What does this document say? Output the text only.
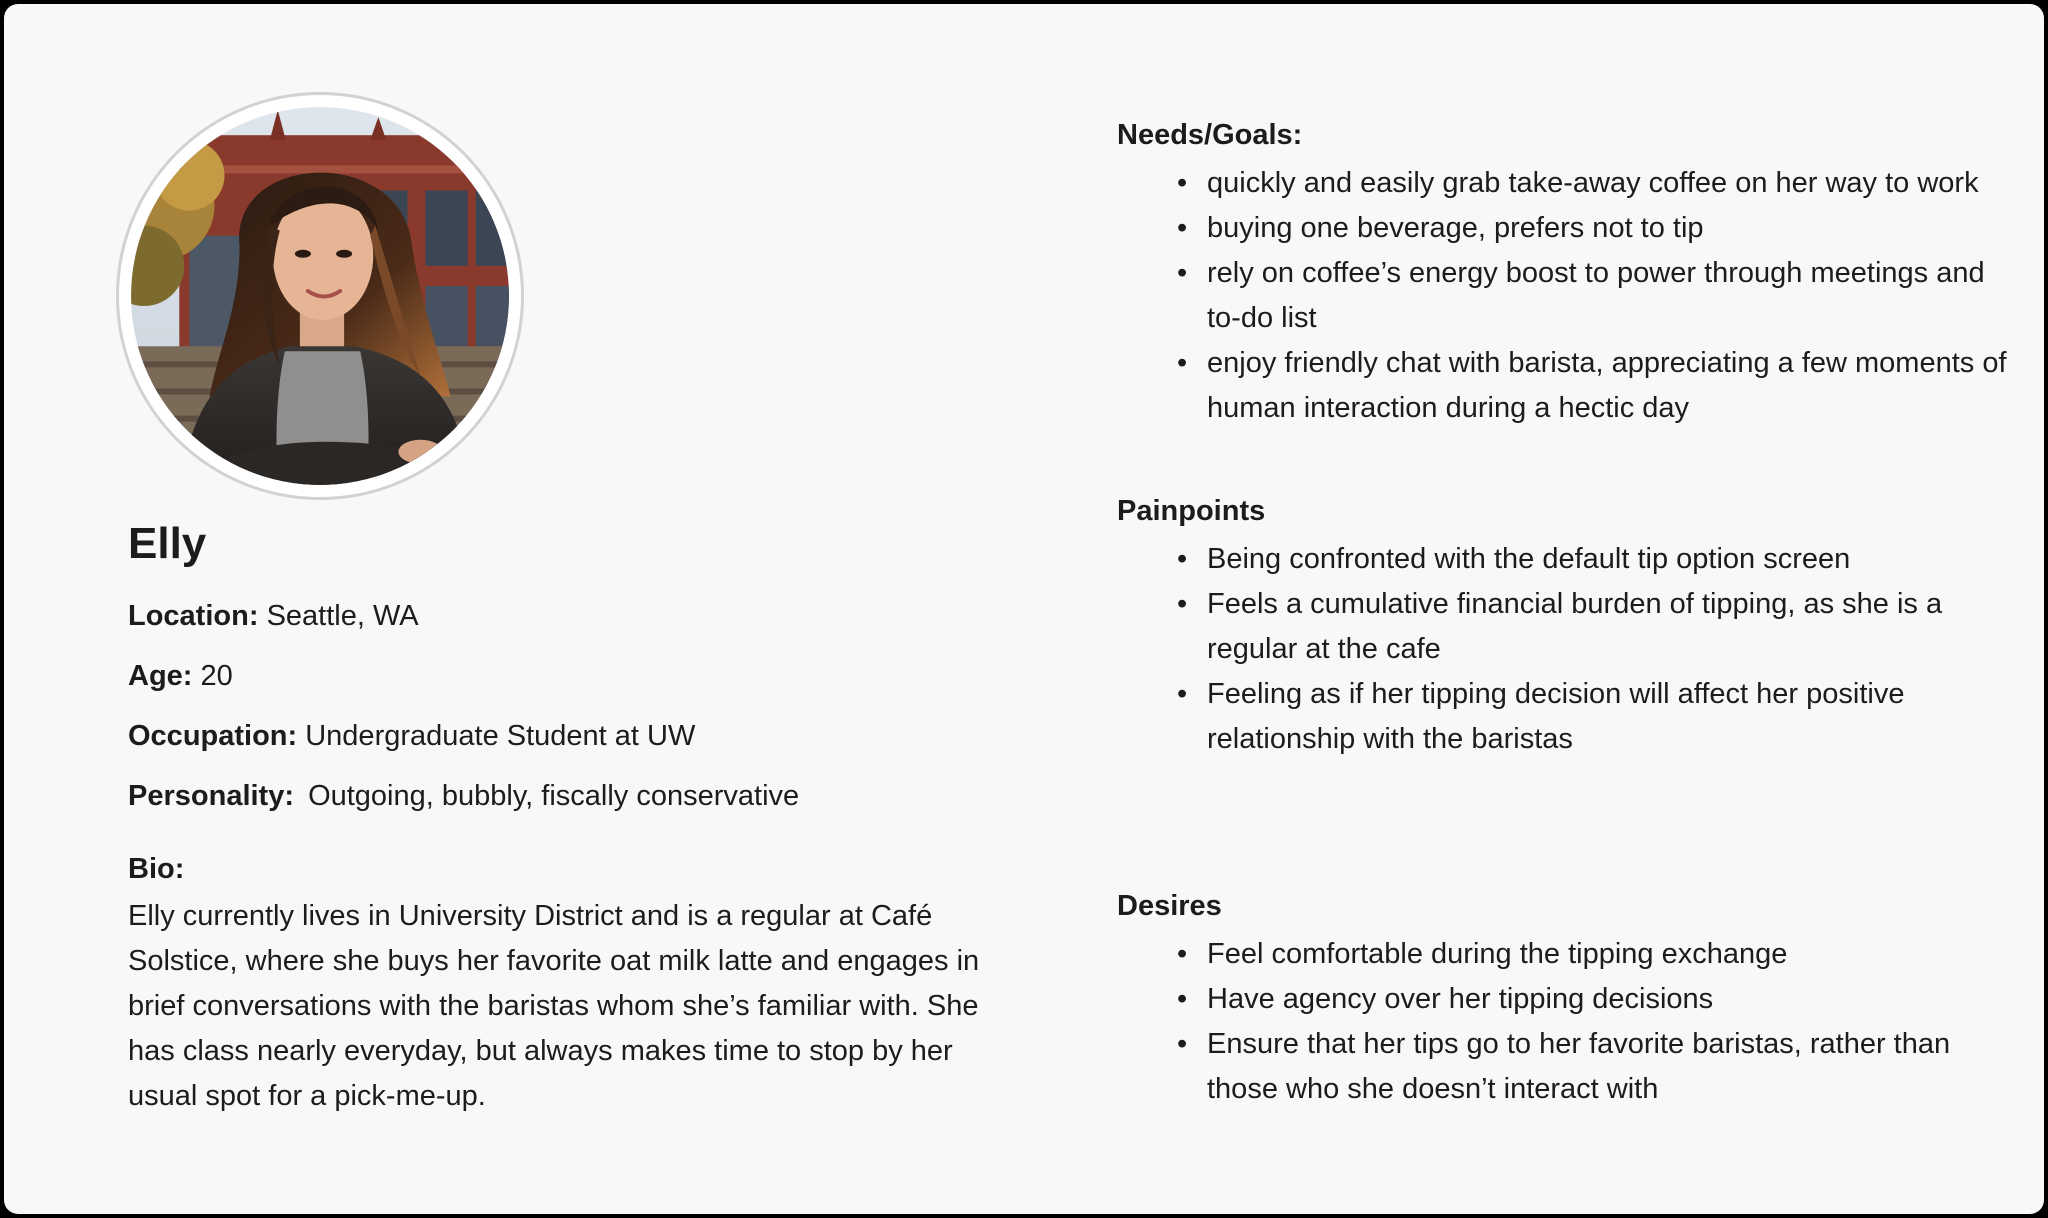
Elly
Location: Seattle, WA
Age: 20
Occupation: Undergraduate Student at UW
Personality: Outgoing, bubbly, fiscally conservative
Bio:
Elly currently lives in University District and is a regular at Café Solstice, where she buys her favorite oat milk latte and engages in brief conversations with the baristas whom she’s familiar with. She has class nearly everyday, but always makes time to stop by her usual spot for a pick-me-up.
Needs/Goals:
• quickly and easily grab take-away coffee on her way to work
• buying one beverage, prefers not to tip
• rely on coffee’s energy boost to power through meetings and to-do list
• enjoy friendly chat with barista, appreciating a few moments of human interaction during a hectic day
Painpoints
• Being confronted with the default tip option screen
• Feels a cumulative financial burden of tipping, as she is a regular at the cafe
• Feeling as if her tipping decision will affect her positive relationship with the baristas
Desires
• Feel comfortable during the tipping exchange
• Have agency over her tipping decisions
• Ensure that her tips go to her favorite baristas, rather than those who she doesn’t interact with
